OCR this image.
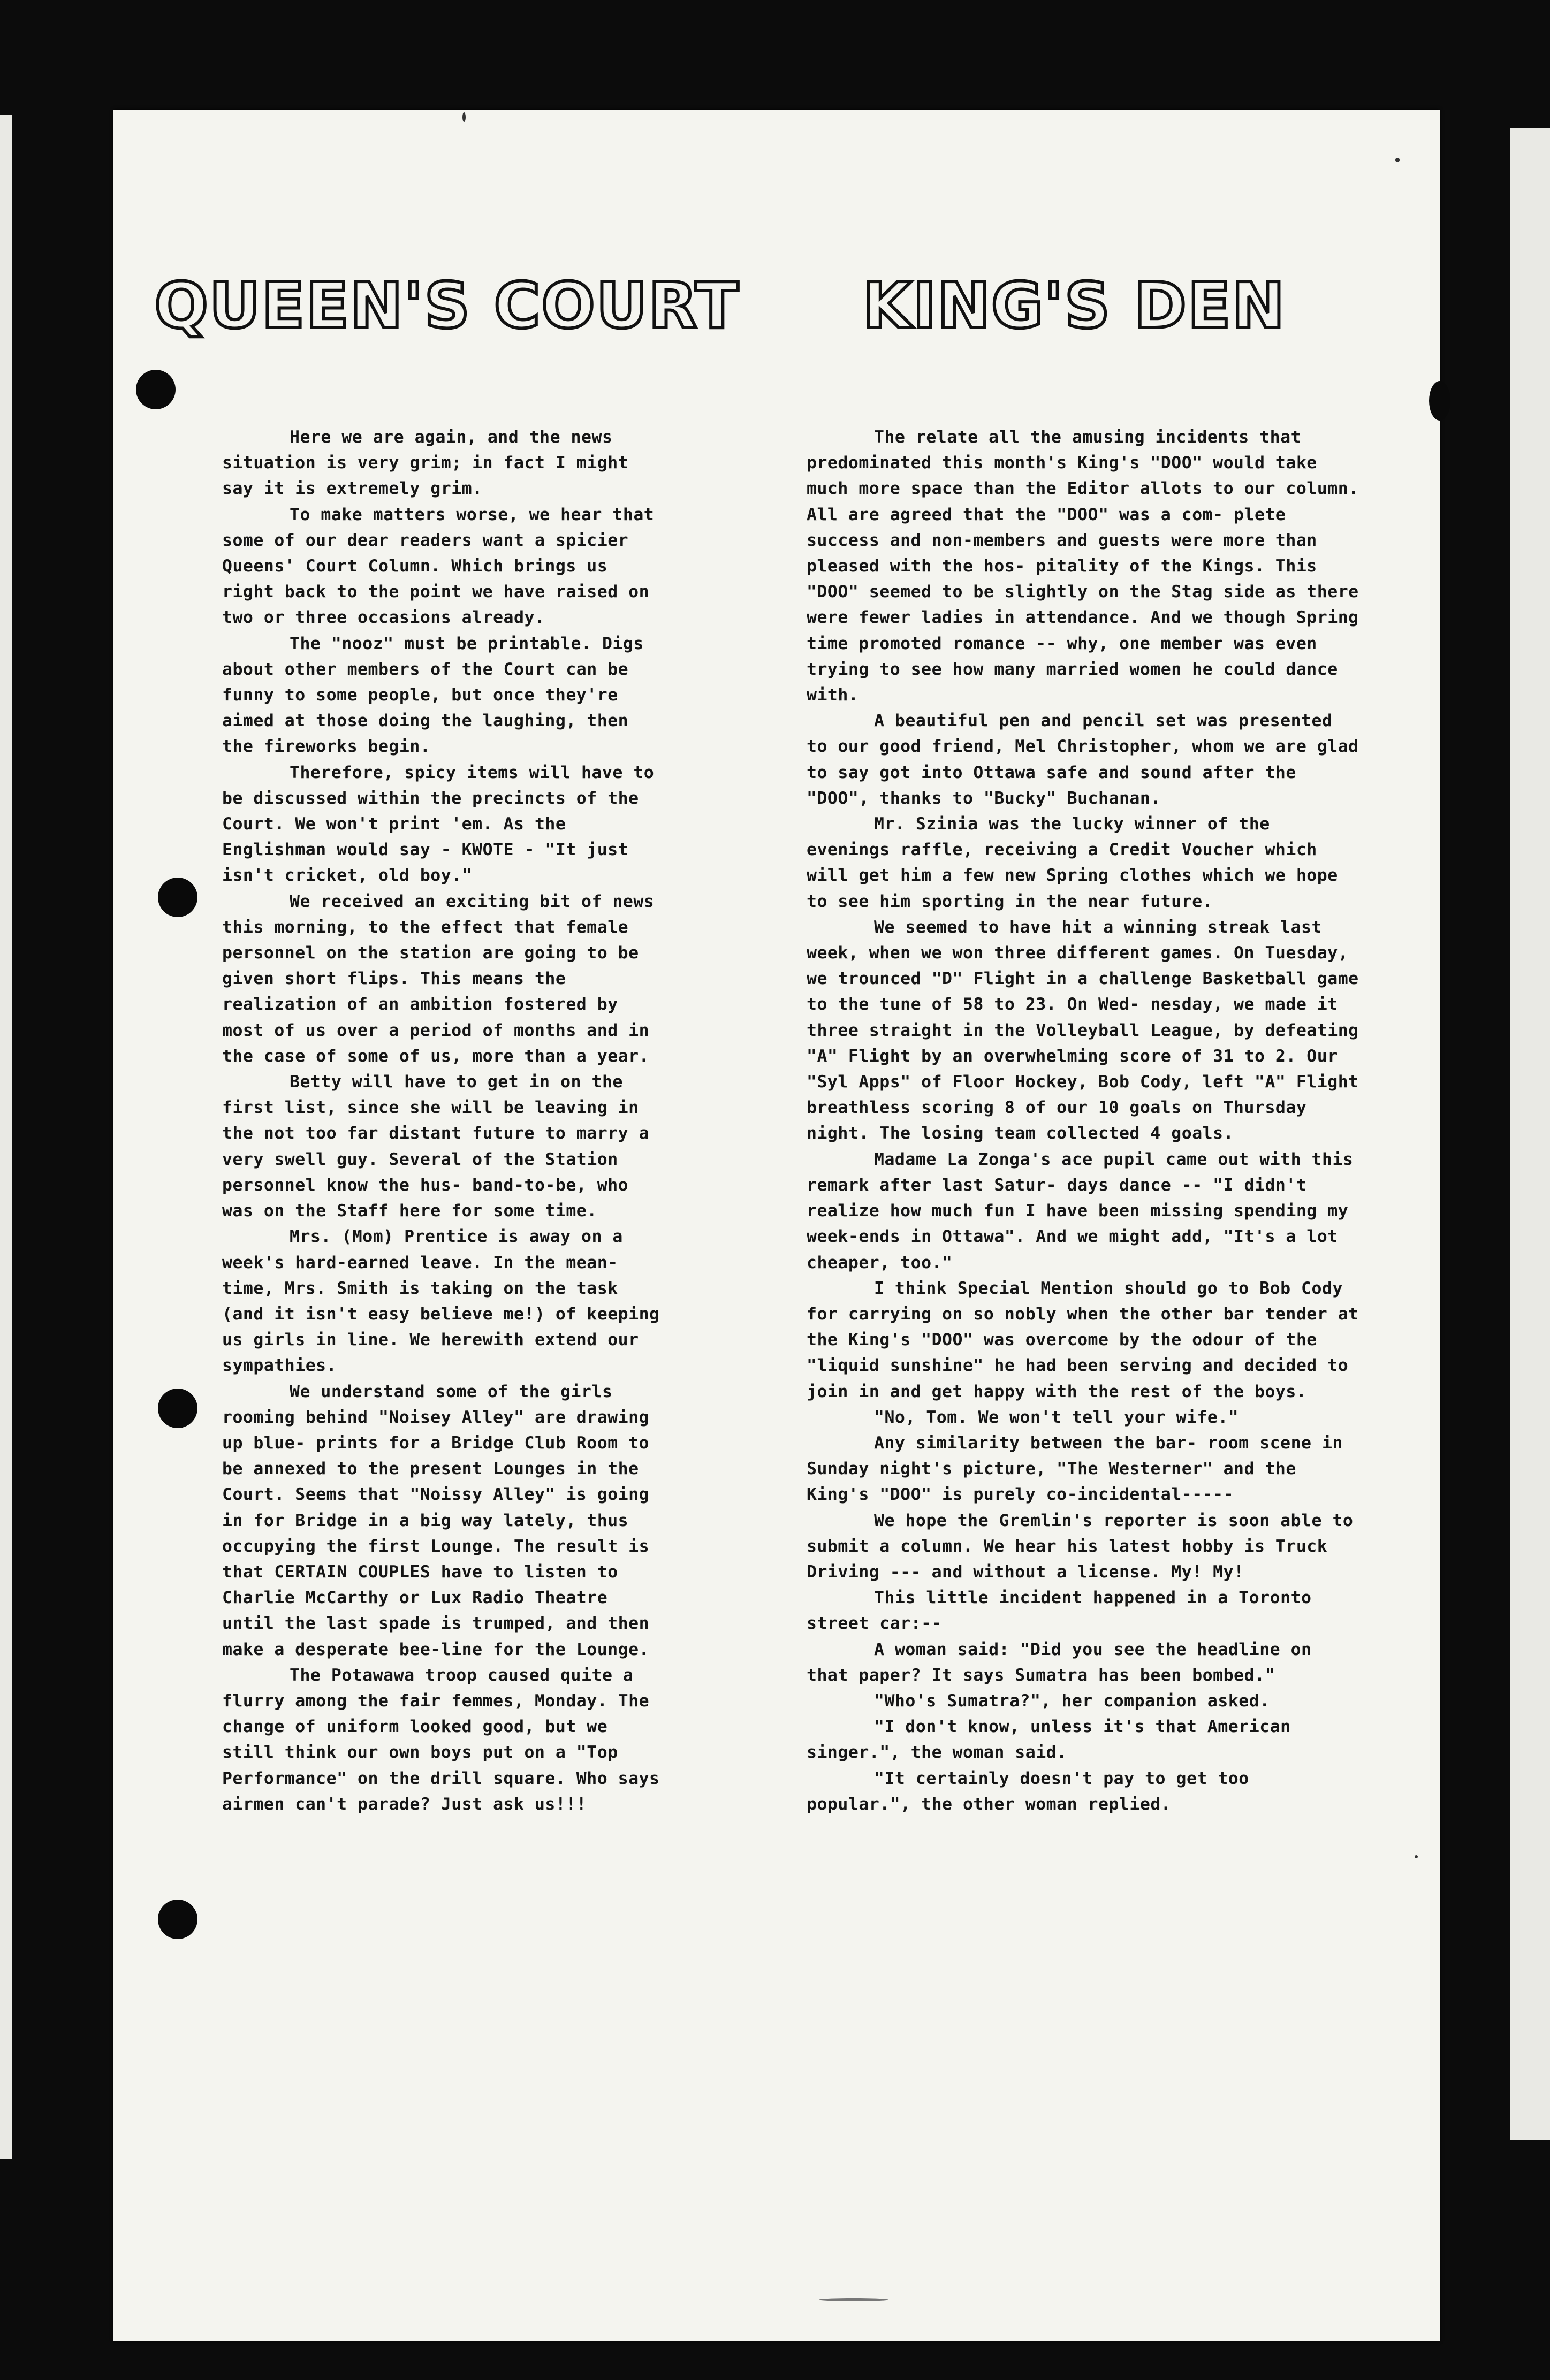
QUEEN'S COURT KING'S DEN

Here we are again, and the news situation is very grim; in fact I might say it is extremely grim.

To make matters worse, we hear that some of our dear readers want a spicier Queens' Court Column. Which brings us right back to the point we have raised on two or three occasions already.

The "nooz" must be printable. Digs about other members of the Court can be funny to some people, but once they're aimed at those doing the laughing, then the fireworks begin.

Therefore, spicy items will have to be discussed within the precincts of the Court. We won't print 'em. As the Englishman would say - KWOTE - "It just isn't cricket, old boy."

We received an exciting bit of news this morning, to the effect that female personnel on the station are going to be given short flips. This means the realization of an ambition fostered by most of us over a period of months and in the case of some of us, more than a year.

Betty will have to get in on the first list, since she will be leaving in the not too far distant future to marry a very swell guy. Several of the Station personnel know the hus- band-to-be, who was on the Staff here for some time.

Mrs. (Mom) Prentice is away on a week's hard-earned leave. In the mean-time, Mrs. Smith is taking on the task (and it isn't easy believe me!) of keeping us girls in line. We herewith extend our sympathies.

We understand some of the girls rooming behind "Noisey Alley" are drawing up blue- prints for a Bridge Club Room to be annexed to the present Lounges in the Court. Seems that "Noissy Alley" is going in for Bridge in a big way lately, thus occupying the first Lounge. The result is that CERTAIN COUPLES have to listen to Charlie McCarthy or Lux Radio Theatre until the last spade is trumped, and then make a desperate bee-line for the Lounge.

The Potawawa troop caused quite a flurry among the fair femmes, Monday. The change of uniform looked good, but we still think our own boys put on a "Top Performance" on the drill square. Who says airmen can't parade? Just ask us!!!

The relate all the amusing incidents that predominated this month's King's "DOO" would take much more space than the Editor allots to our column. All are agreed that the "DOO" was a com- plete success and non-members and guests were more than pleased with the hos- pitality of the Kings. This "DOO" seemed to be slightly on the Stag side as there were fewer ladies in attendance. And we though Spring time promoted romance -- why, one member was even trying to see how many married women he could dance with.

A beautiful pen and pencil set was presented to our good friend, Mel Christopher, whom we are glad to say got into Ottawa safe and sound after the "DOO", thanks to "Bucky" Buchanan.

Mr. Szinia was the lucky winner of the evenings raffle, receiving a Credit Voucher which will get him a few new Spring clothes which we hope to see him sporting in the near future.

We seemed to have hit a winning streak last week, when we won three different games. On Tuesday, we trounced "D" Flight in a challenge Basketball game to the tune of 58 to 23. On Wed- nesday, we made it three straight in the Volleyball League, by defeating "A" Flight by an overwhelming score of 31 to 2. Our "Syl Apps" of Floor Hockey, Bob Cody, left "A" Flight breathless scoring 8 of our 10 goals on Thursday night. The losing team collected 4 goals.

Madame La Zonga's ace pupil came out with this remark after last Satur- days dance -- "I didn't realize how much fun I have been missing spending my week-ends in Ottawa". And we might add, "It's a lot cheaper, too."

I think Special Mention should go to Bob Cody for carrying on so nobly when the other bar tender at the King's "DOO" was overcome by the odour of the "liquid sunshine" he had been serving and decided to join in and get happy with the rest of the boys.

"No, Tom. We won't tell your wife."

Any similarity between the bar- room scene in Sunday night's picture, "The Westerner" and the King's "DOO" is purely co-incidental-----

We hope the Gremlin's reporter is soon able to submit a column. We hear his latest hobby is Truck Driving --- and without a license. My! My!

This little incident happened in a Toronto street car:--

A woman said: "Did you see the headline on that paper? It says Sumatra has been bombed."

"Who's Sumatra?", her companion asked.

"I don't know, unless it's that American singer.", the woman said.

"It certainly doesn't pay to get too popular.", the other woman replied.
